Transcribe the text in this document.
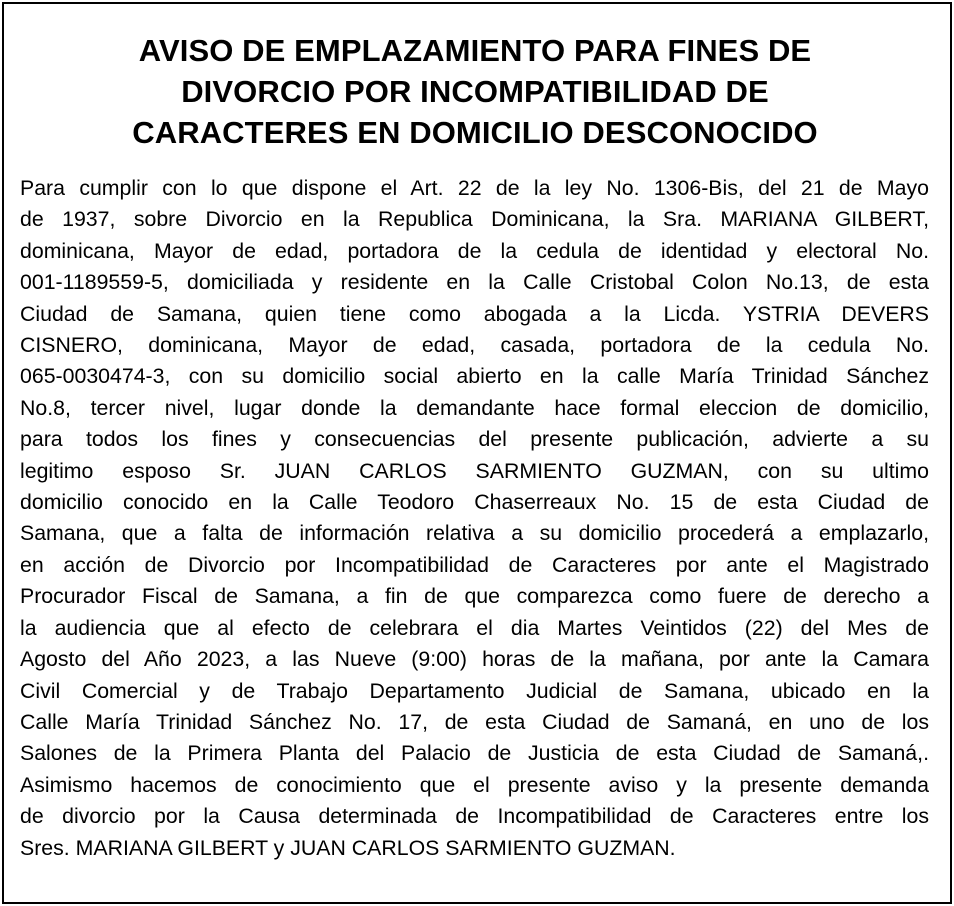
AVISO DE EMPLAZAMIENTO PARA FINES DE
DIVORCIO POR INCOMPATIBILIDAD DE
CARACTERES EN DOMICILIO DESCONOCIDO
Para cumplir con lo que dispone el Art. 22 de la ley No. 1306-Bis, del 21 de Mayo
de 1937, sobre Divorcio en la Republica Dominicana, la Sra. MARIANA GILBERT,
dominicana, Mayor de edad, portadora de la cedula de identidad y electoral No.
001-1189559-5, domiciliada y residente en la Calle Cristobal Colon No.13, de esta
Ciudad de Samana, quien tiene como abogada a la Licda. YSTRIA DEVERS
CISNERO, dominicana, Mayor de edad, casada, portadora de la cedula No.
065-0030474-3, con su domicilio social abierto en la calle María Trinidad Sánchez
No.8, tercer nivel, lugar donde la demandante hace formal eleccion de domicilio,
para todos los fines y consecuencias del presente publicación, advierte a su
legitimo esposo Sr. JUAN CARLOS SARMIENTO GUZMAN, con su ultimo
domicilio conocido en la Calle Teodoro Chaserreaux No. 15 de esta Ciudad de
Samana, que a falta de información relativa a su domicilio procederá a emplazarlo,
en acción de Divorcio por Incompatibilidad de Caracteres por ante el Magistrado
Procurador Fiscal de Samana, a fin de que comparezca como fuere de derecho a
la audiencia que al efecto de celebrara el dia Martes Veintidos (22) del Mes de
Agosto del Año 2023, a las Nueve (9:00) horas de la mañana, por ante la Camara
Civil Comercial y de Trabajo Departamento Judicial de Samana, ubicado en la
Calle María Trinidad Sánchez No. 17, de esta Ciudad de Samaná, en uno de los
Salones de la Primera Planta del Palacio de Justicia de esta Ciudad de Samaná,.
Asimismo hacemos de conocimiento que el presente aviso y la presente demanda
de divorcio por la Causa determinada de Incompatibilidad de Caracteres entre los
Sres. MARIANA GILBERT y JUAN CARLOS SARMIENTO GUZMAN.
